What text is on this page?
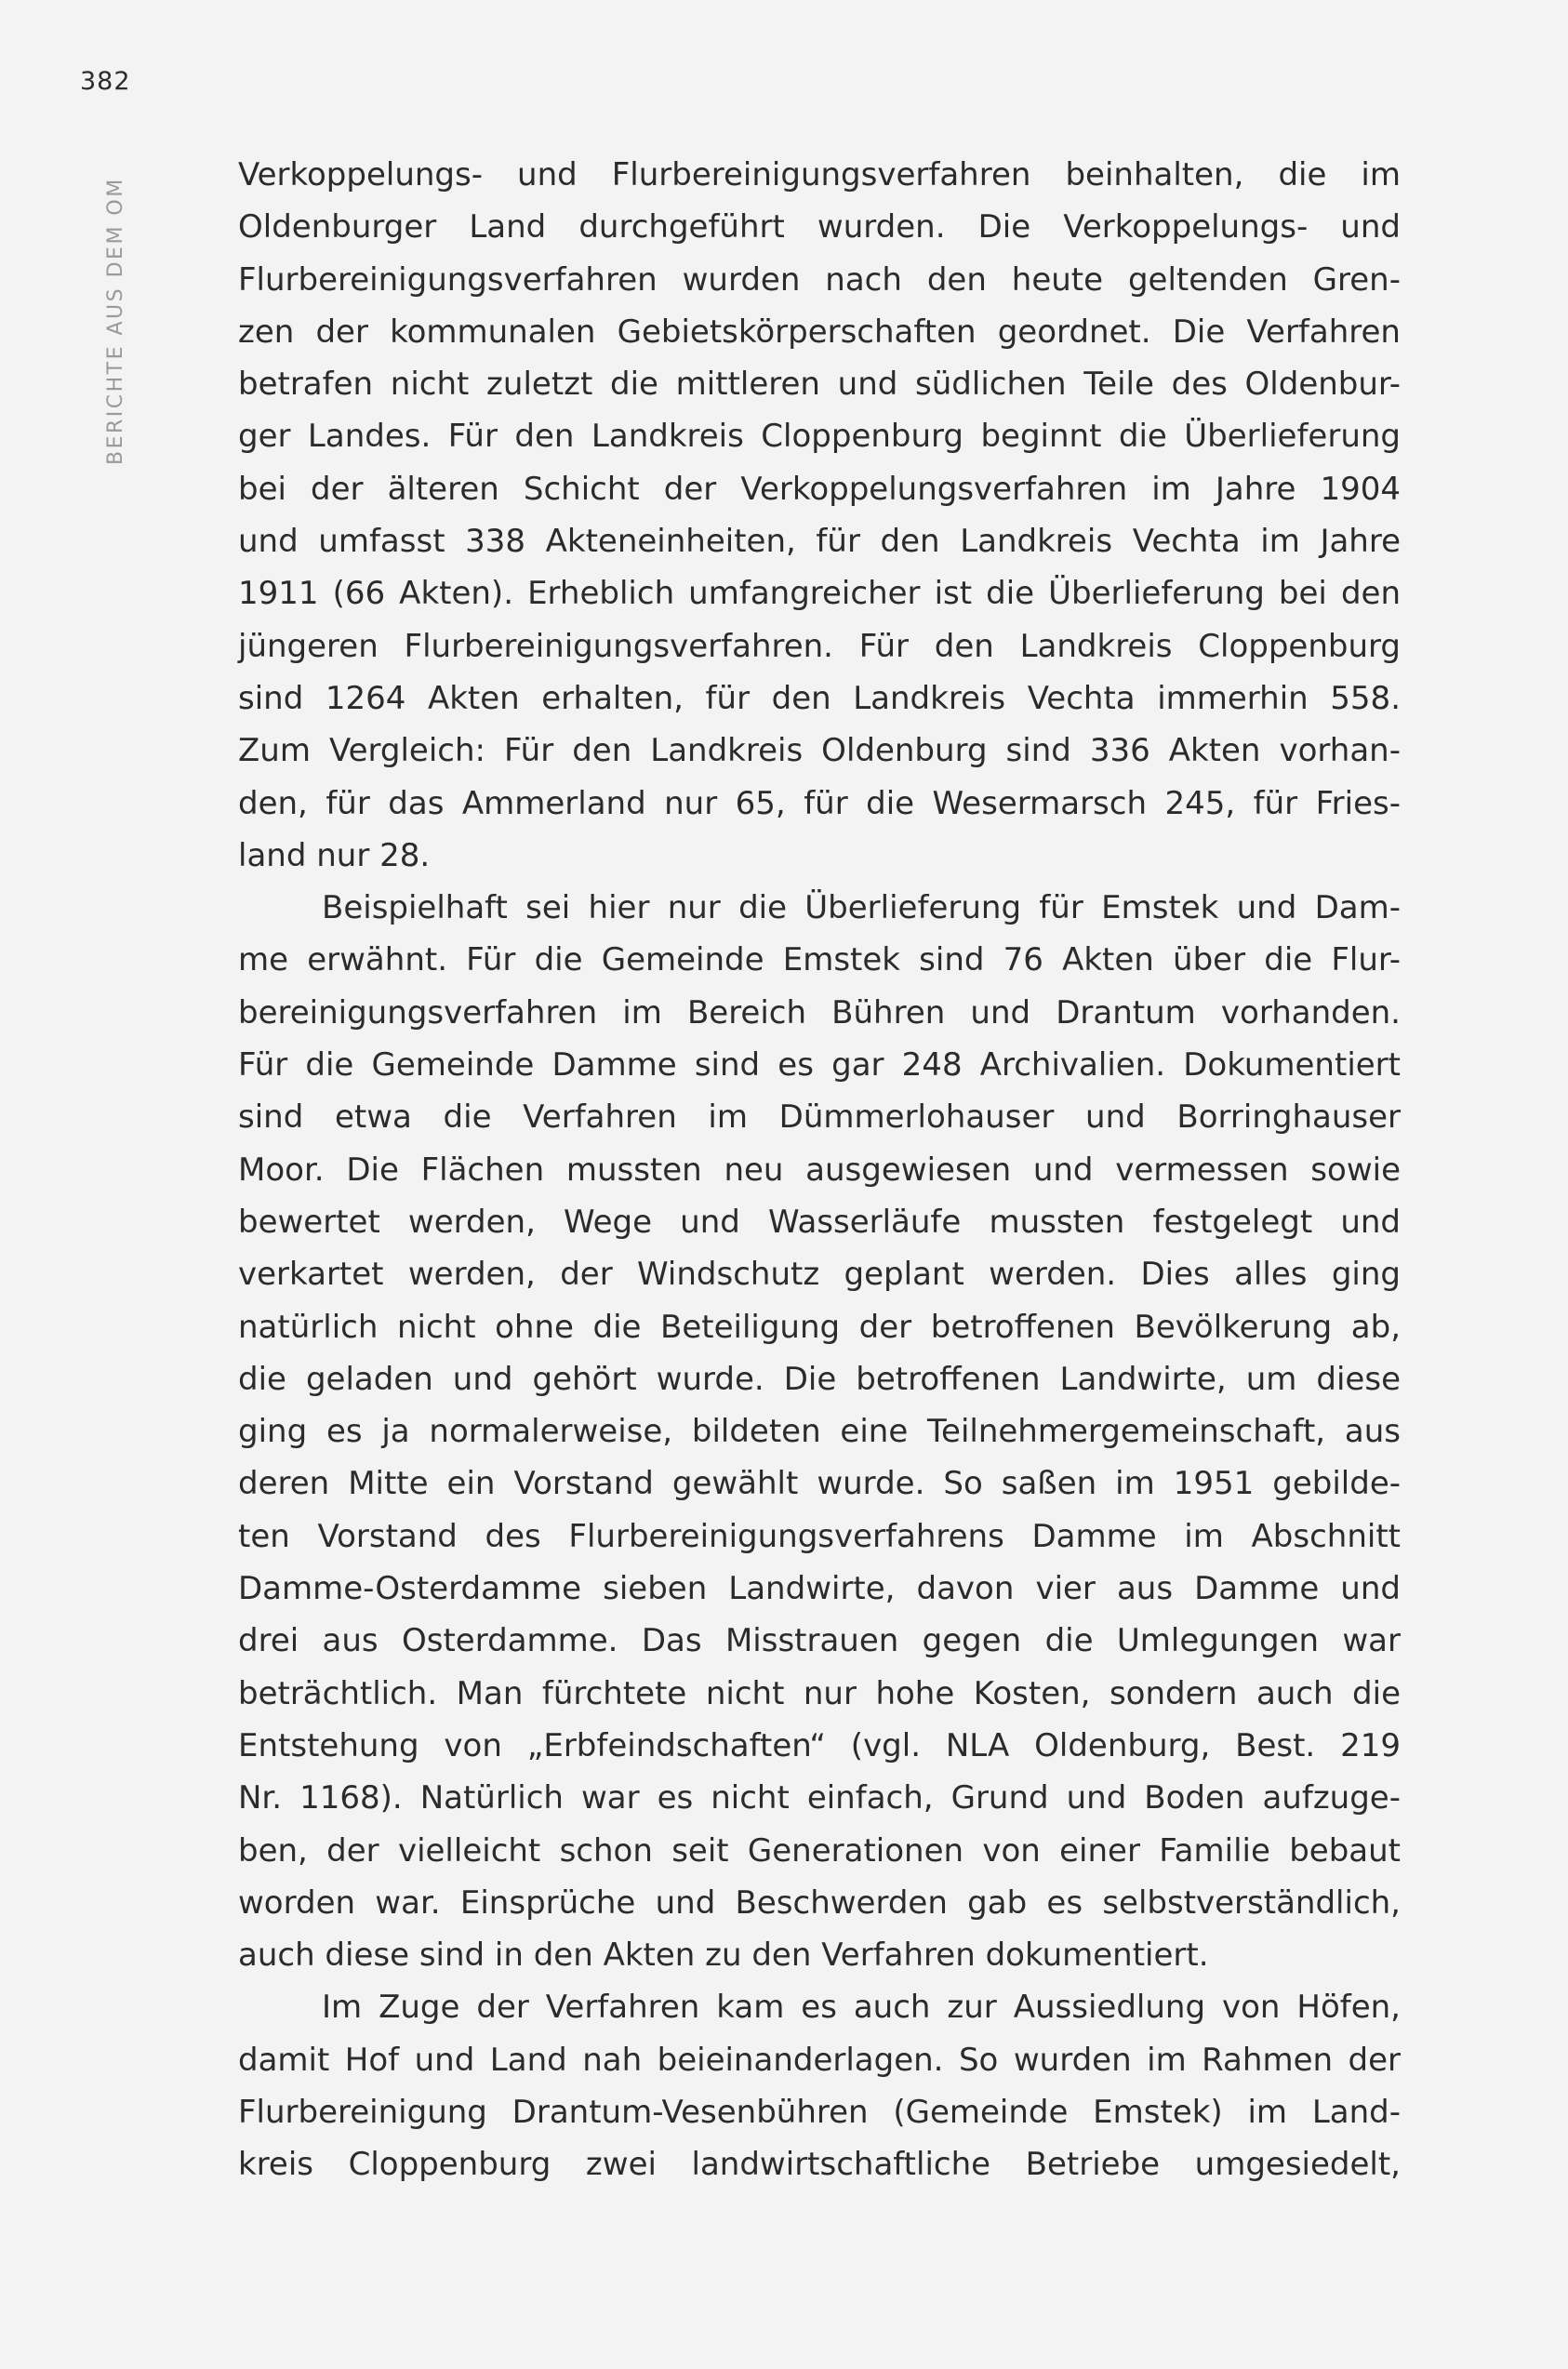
382
BERICHTE AUS DEM OM
Verkoppelungs- und Flurbereinigungsverfahren beinhalten, die im
Oldenburger Land durchgeführt wurden. Die Verkoppelungs- und
Flurbereinigungsverfahren wurden nach den heute geltenden Gren-
zen der kommunalen Gebietskörperschaften geordnet. Die Verfahren
betrafen nicht zuletzt die mittleren und südlichen Teile des Oldenbur-
ger Landes. Für den Landkreis Cloppenburg beginnt die Überlieferung
bei der älteren Schicht der Verkoppelungsverfahren im Jahre 1904
und umfasst 338 Akteneinheiten, für den Landkreis Vechta im Jahre
1911 (66 Akten). Erheblich umfangreicher ist die Überlieferung bei den
jüngeren Flurbereinigungsverfahren. Für den Landkreis Cloppenburg
sind 1264 Akten erhalten, für den Landkreis Vechta immerhin 558.
Zum Vergleich: Für den Landkreis Oldenburg sind 336 Akten vorhan-
den, für das Ammerland nur 65, für die Wesermarsch 245, für Fries-
land nur 28.
Beispielhaft sei hier nur die Überlieferung für Emstek und Dam-
me erwähnt. Für die Gemeinde Emstek sind 76 Akten über die Flur-
bereinigungsverfahren im Bereich Bühren und Drantum vorhanden.
Für die Gemeinde Damme sind es gar 248 Archivalien. Dokumentiert
sind etwa die Verfahren im Dümmerlohauser und Borringhauser
Moor. Die Flächen mussten neu ausgewiesen und vermessen sowie
bewertet werden, Wege und Wasserläufe mussten festgelegt und
verkartet werden, der Windschutz geplant werden. Dies alles ging
natürlich nicht ohne die Beteiligung der betroffenen Bevölkerung ab,
die geladen und gehört wurde. Die betroffenen Landwirte, um diese
ging es ja normalerweise, bildeten eine Teilnehmergemeinschaft, aus
deren Mitte ein Vorstand gewählt wurde. So saßen im 1951 gebilde-
ten Vorstand des Flurbereinigungsverfahrens Damme im Abschnitt
Damme-Osterdamme sieben Landwirte, davon vier aus Damme und
drei aus Osterdamme. Das Misstrauen gegen die Umlegungen war
beträchtlich. Man fürchtete nicht nur hohe Kosten, sondern auch die
Entstehung von „Erbfeindschaften“ (vgl. NLA Oldenburg, Best. 219
Nr. 1168). Natürlich war es nicht einfach, Grund und Boden aufzuge-
ben, der vielleicht schon seit Generationen von einer Familie bebaut
worden war. Einsprüche und Beschwerden gab es selbstverständlich,
auch diese sind in den Akten zu den Verfahren dokumentiert.
Im Zuge der Verfahren kam es auch zur Aussiedlung von Höfen,
damit Hof und Land nah beieinanderlagen. So wurden im Rahmen der
Flurbereinigung Drantum-Vesenbühren (Gemeinde Emstek) im Land-
kreis Cloppenburg zwei landwirtschaftliche Betriebe umgesiedelt,
